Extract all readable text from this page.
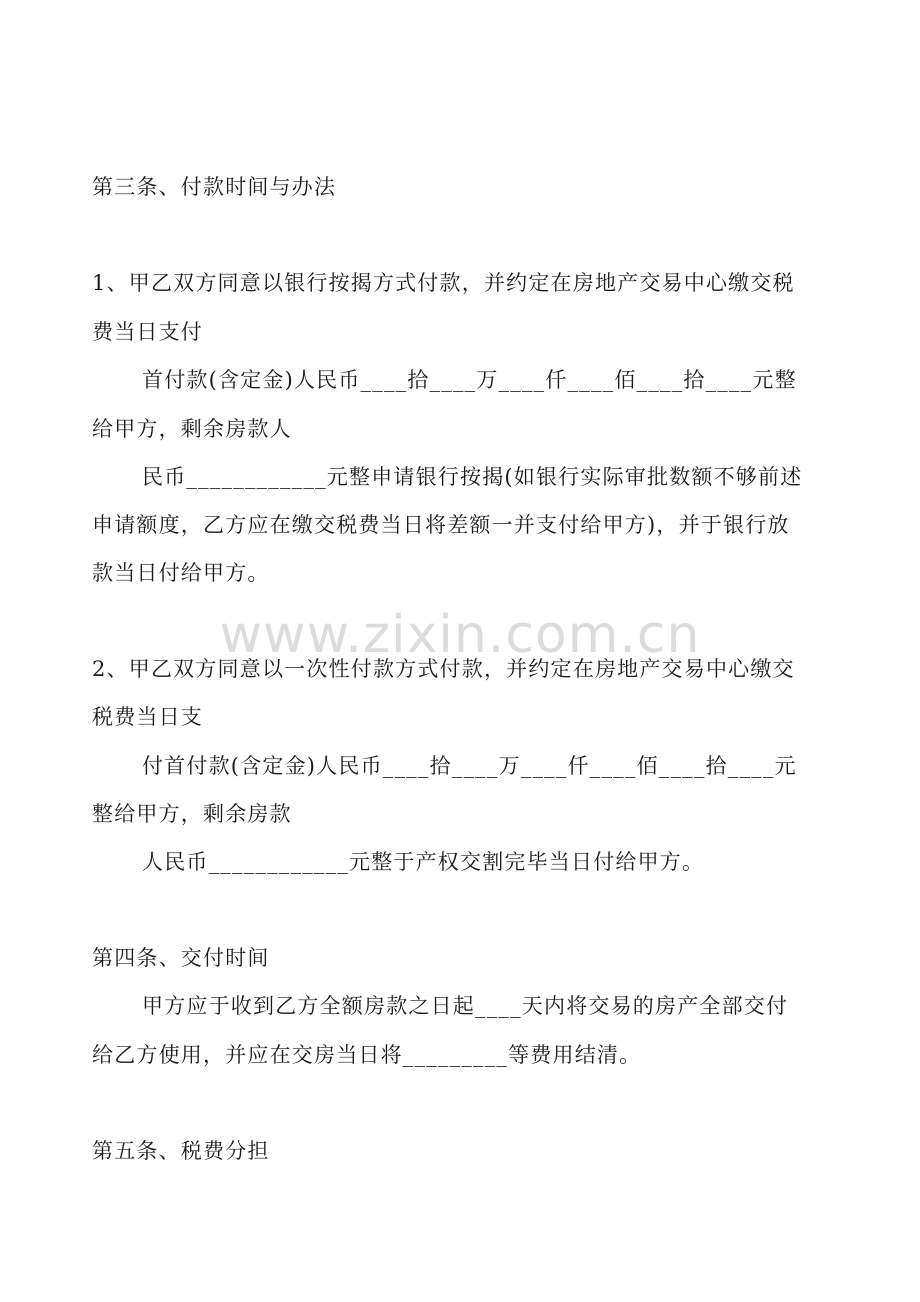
www.zixin.com.cn
第三条、付款时间与办法
1、甲乙双方同意以银行按揭方式付款，并约定在房地产交易中心缴交税
费当日支付
首付款(含定金)人民币____拾____万____仟____佰____拾____元整
给甲方，剩余房款人
民币____________元整申请银行按揭(如银行实际审批数额不够前述
申请额度，乙方应在缴交税费当日将差额一并支付给甲方)，并于银行放
款当日付给甲方。
2、甲乙双方同意以一次性付款方式付款，并约定在房地产交易中心缴交
税费当日支
付首付款(含定金)人民币____拾____万____仟____佰____拾____元
整给甲方，剩余房款
人民币____________元整于产权交割完毕当日付给甲方。
第四条、交付时间
甲方应于收到乙方全额房款之日起____天内将交易的房产全部交付
给乙方使用，并应在交房当日将_________等费用结清。
第五条、税费分担
